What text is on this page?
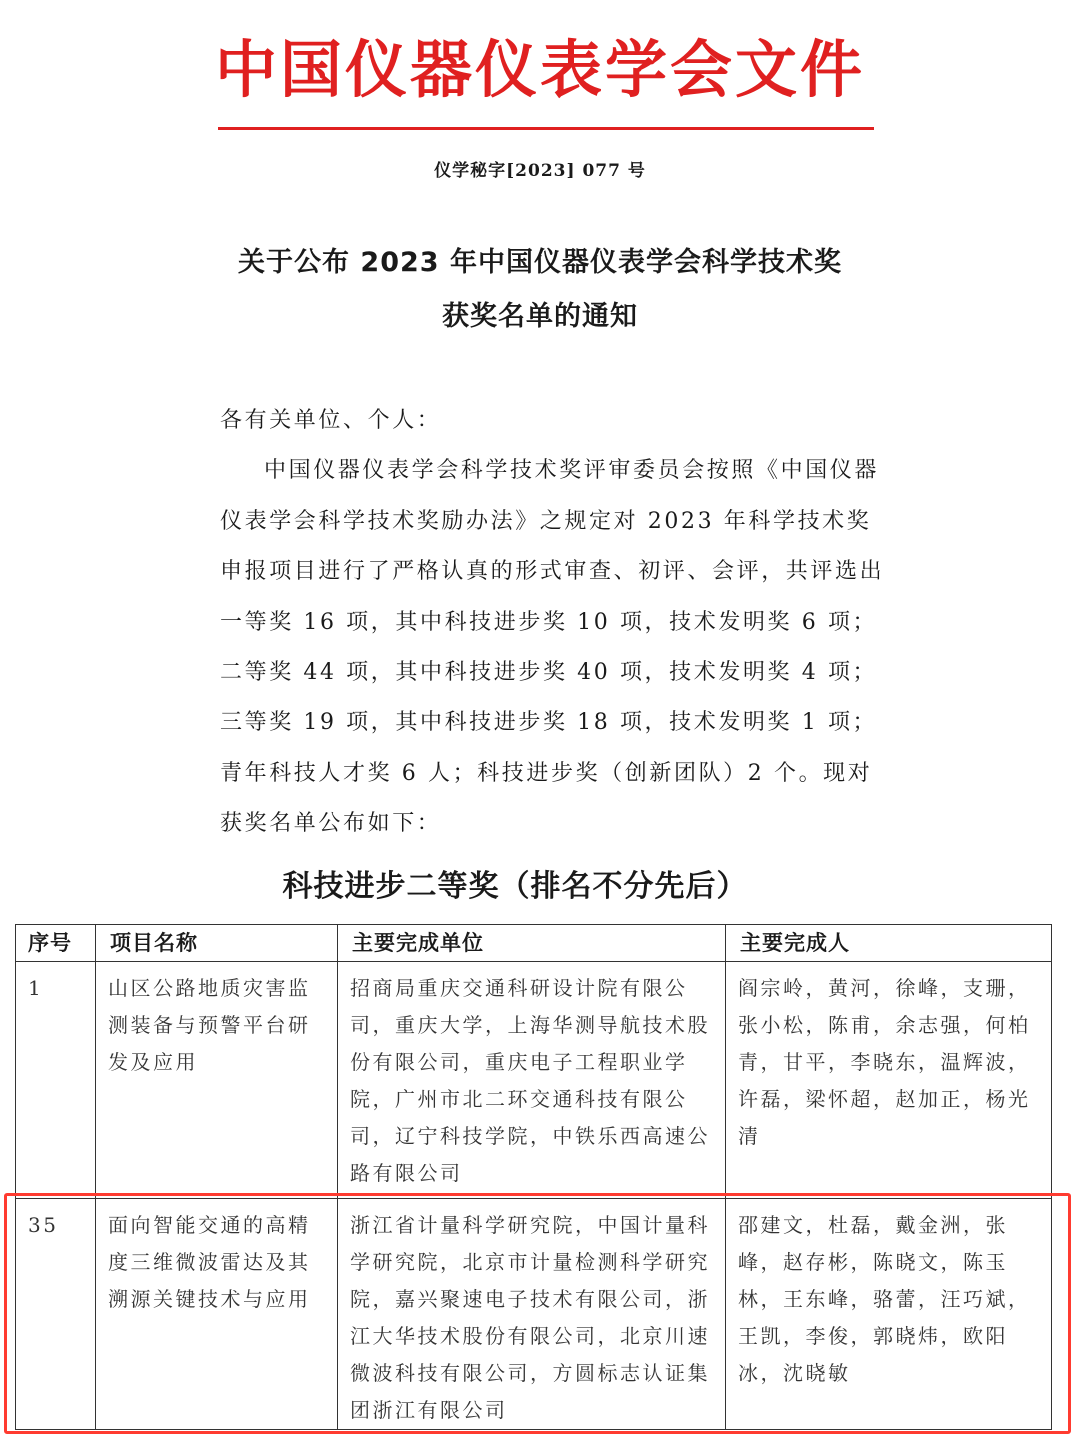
中国仪器仪表学会文件
仪学秘字[2023] 077 号
关于公布 2023 年中国仪器仪表学会科学技术奖
获奖名单的通知

各有关单位、个人：

中国仪器仪表学会科学技术奖评审委员会按照《中国仪器仪表学会科学技术奖励办法》之规定对 2023 年科学技术奖申报项目进行了严格认真的形式审查、初评、会评，共评选出一等奖 16 项，其中科技进步奖 10 项，技术发明奖 6 项；二等奖 44 项，其中科技进步奖 40 项，技术发明奖 4 项；三等奖 19 项，其中科技进步奖 18 项，技术发明奖 1 项；青年科技人才奖 6 人；科技进步奖（创新团队）2 个。现对获奖名单公布如下：

科技进步二等奖（排名不分先后）
序号	项目名称	主要完成单位	主要完成人
1	山区公路地质灾害监测装备与预警平台研发及应用	招商局重庆交通科研设计院有限公司，重庆大学，上海华测导航技术股份有限公司，重庆电子工程职业学院，广州市北二环交通科技有限公司，辽宁科技学院，中铁乐西高速公路有限公司	阎宗岭，黄河，徐峰，支珊，张小松，陈甫，余志强，何柏青，甘平，李晓东，温辉波，许磊，梁怀超，赵加正，杨光清
35	面向智能交通的高精度三维微波雷达及其溯源关键技术与应用	浙江省计量科学研究院，中国计量科学研究院，北京市计量检测科学研究院，嘉兴聚速电子技术有限公司，浙江大华技术股份有限公司，北京川速微波科技有限公司，方圆标志认证集团浙江有限公司	邵建文，杜磊，戴金洲，张峰，赵存彬，陈晓文，陈玉林，王东峰，骆蕾，汪巧斌，王凯，李俊，郭晓炜，欧阳冰，沈晓敏
